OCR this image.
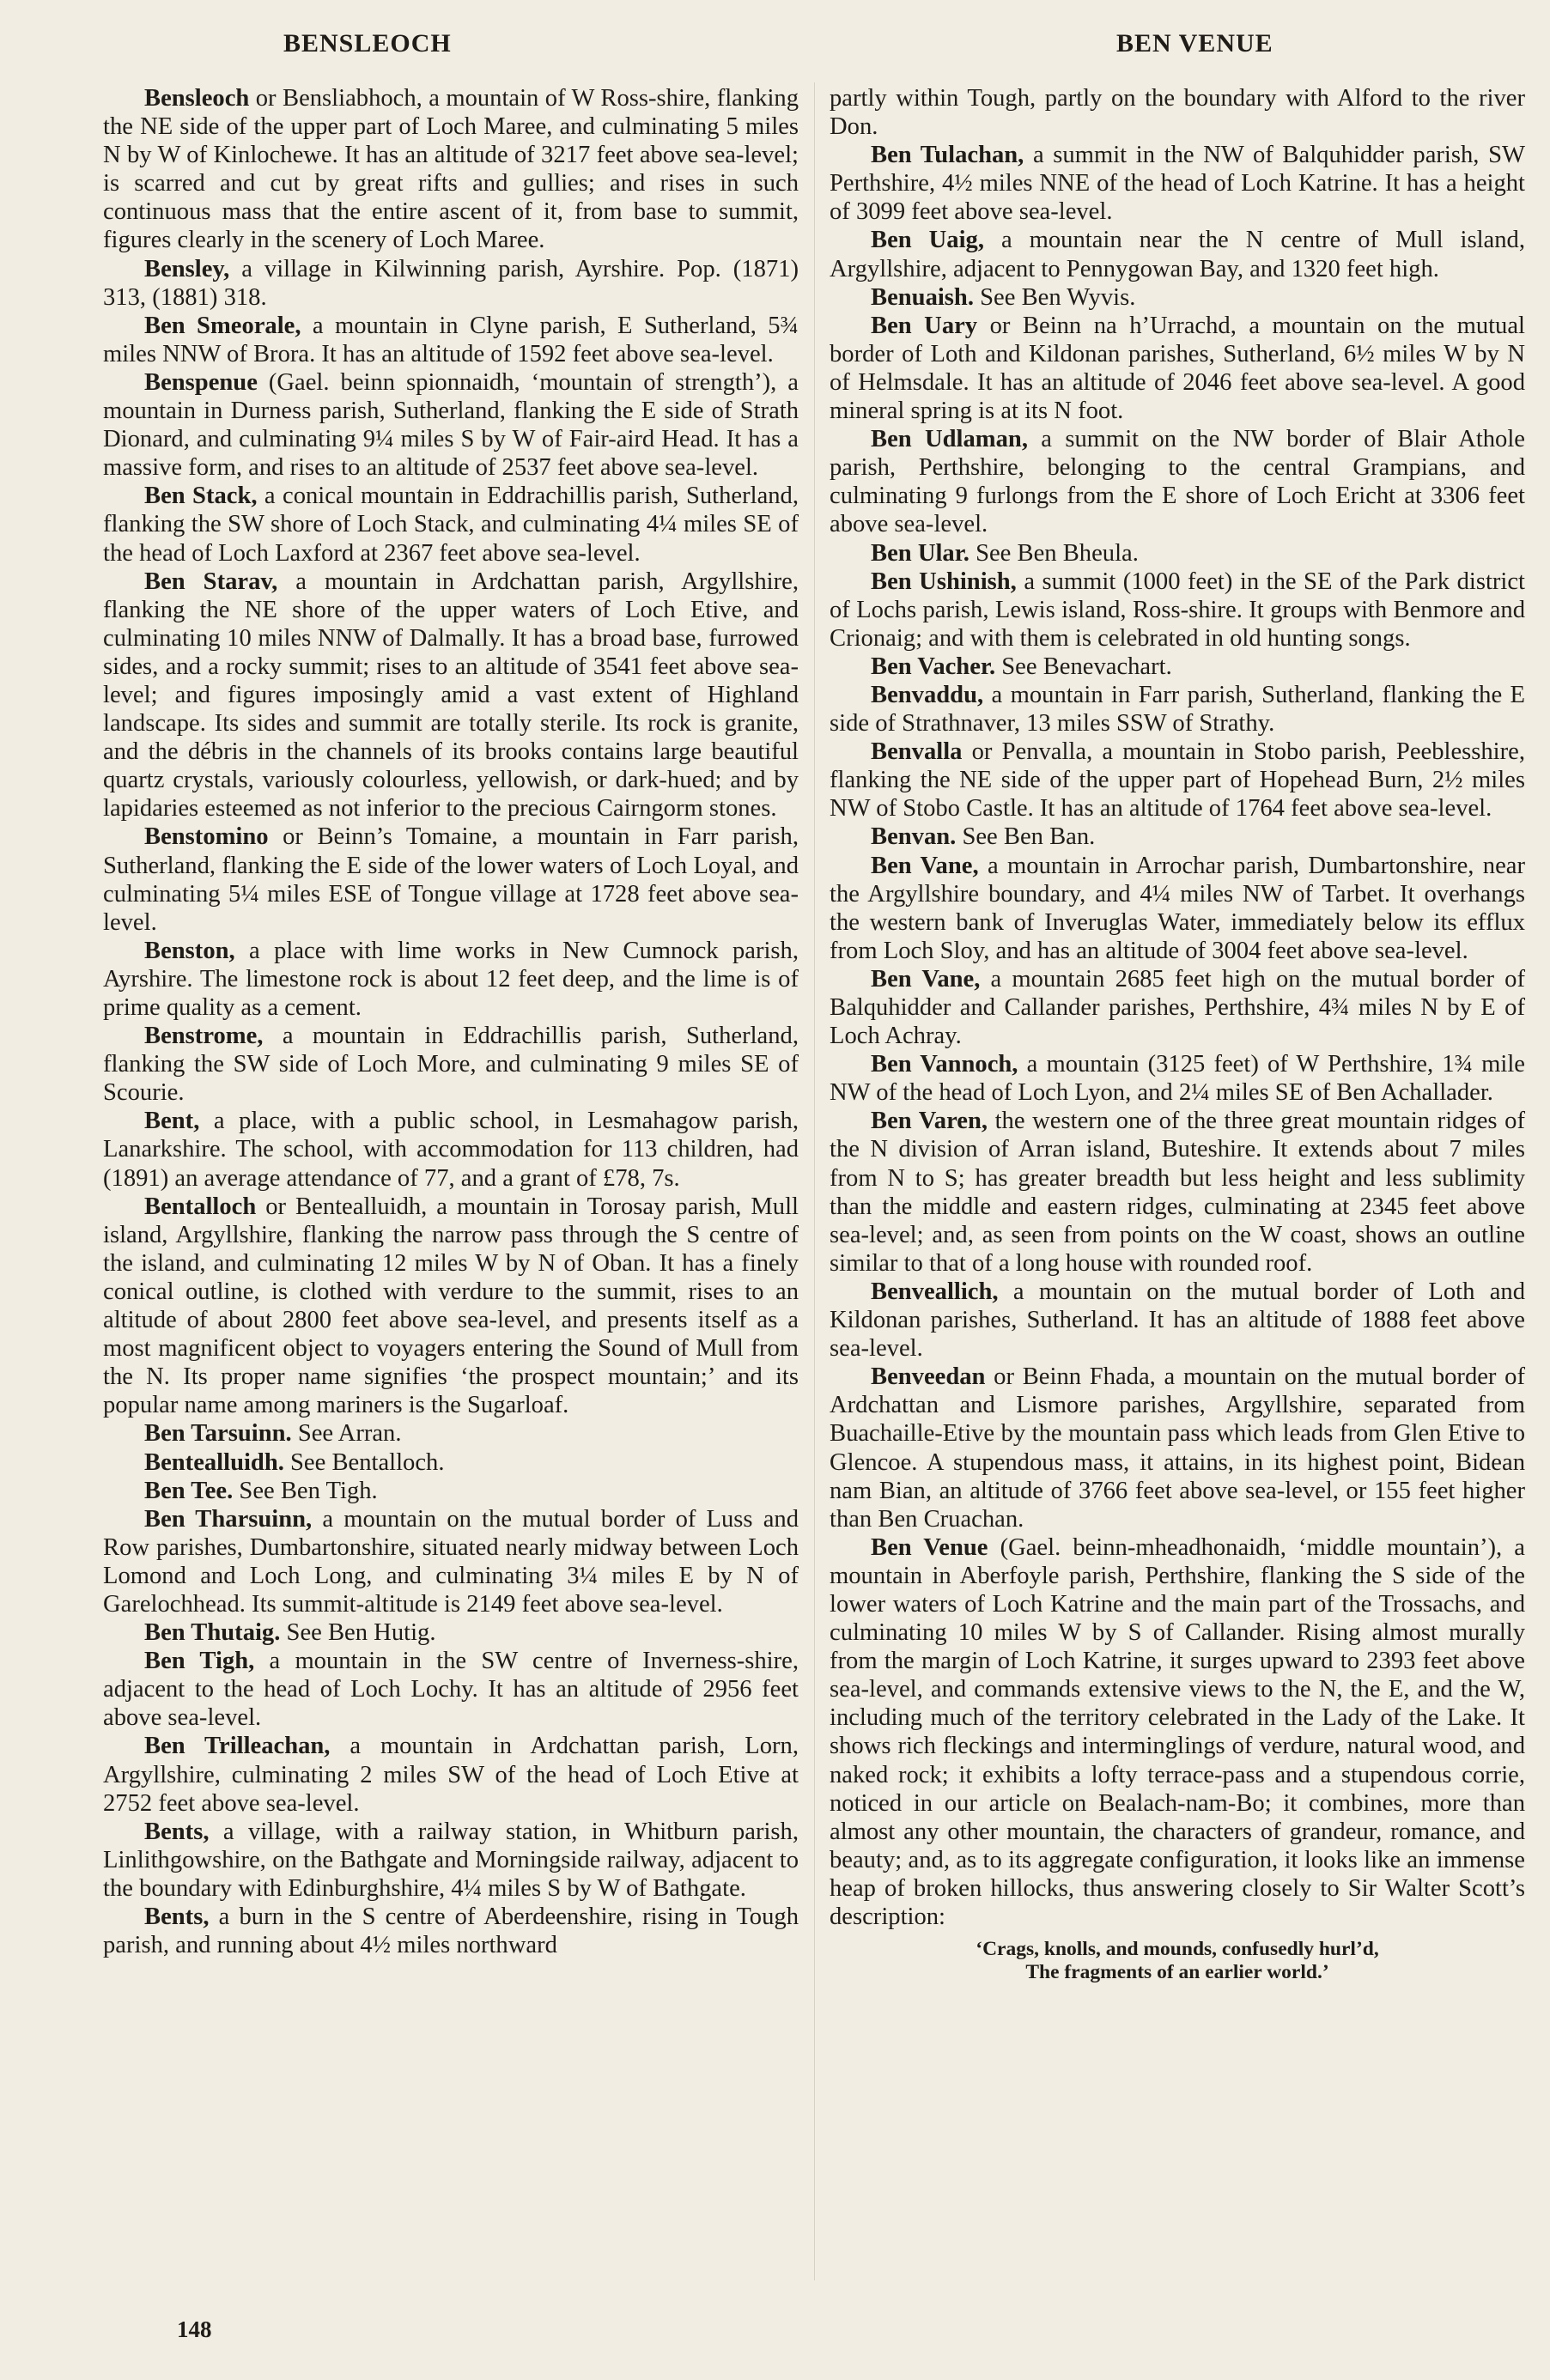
BENSLEOCH	BEN VENUE

Bensleoch or Bensliabhoch, a mountain of W Ross-shire, flanking the NE side of the upper part of Loch Maree, and culminating 5 miles N by W of Kinlochewe. It has an altitude of 3217 feet above sea-level; is scarred and cut by great rifts and gullies; and rises in such continuous mass that the entire ascent of it, from base to summit, figures clearly in the scenery of Loch Maree.

Bensley, a village in Kilwinning parish, Ayrshire. Pop. (1871) 313, (1881) 318.

Ben Smeorale, a mountain in Clyne parish, E Sutherland, 5¾ miles NNW of Brora. It has an altitude of 1592 feet above sea-level.

Benspenue (Gael. beinn spionnaidh, ‘mountain of strength’), a mountain in Durness parish, Sutherland, flanking the E side of Strath Dionard, and culminating 9¼ miles S by W of Fair-aird Head. It has a massive form, and rises to an altitude of 2537 feet above sea-level.

Ben Stack, a conical mountain in Eddrachillis parish, Sutherland, flanking the SW shore of Loch Stack, and culminating 4¼ miles SE of the head of Loch Laxford at 2367 feet above sea-level.

Ben Starav, a mountain in Ardchattan parish, Argyllshire, flanking the NE shore of the upper waters of Loch Etive, and culminating 10 miles NNW of Dalmally. It has a broad base, furrowed sides, and a rocky summit; rises to an altitude of 3541 feet above sea-level; and figures imposingly amid a vast extent of Highland landscape. Its sides and summit are totally sterile. Its rock is granite, and the débris in the channels of its brooks contains large beautiful quartz crystals, variously colourless, yellowish, or dark-hued; and by lapidaries esteemed as not inferior to the precious Cairngorm stones.

Benstomino or Beinn’s Tomaine, a mountain in Farr parish, Sutherland, flanking the E side of the lower waters of Loch Loyal, and culminating 5¼ miles ESE of Tongue village at 1728 feet above sea-level.

Benston, a place with lime works in New Cumnock parish, Ayrshire. The limestone rock is about 12 feet deep, and the lime is of prime quality as a cement.

Benstrome, a mountain in Eddrachillis parish, Sutherland, flanking the SW side of Loch More, and culminating 9 miles SE of Scourie.

Bent, a place, with a public school, in Lesmahagow parish, Lanarkshire. The school, with accommodation for 113 children, had (1891) an average attendance of 77, and a grant of £78, 7s.

Bentalloch or Bentealluidh, a mountain in Torosay parish, Mull island, Argyllshire, flanking the narrow pass through the S centre of the island, and culminating 12 miles W by N of Oban. It has a finely conical outline, is clothed with verdure to the summit, rises to an altitude of about 2800 feet above sea-level, and presents itself as a most magnificent object to voyagers entering the Sound of Mull from the N. Its proper name signifies ‘the prospect mountain;’ and its popular name among mariners is the Sugarloaf.

Ben Tarsuinn. See Arran.

Bentealluidh. See Bentalloch.

Ben Tee. See Ben Tigh.

Ben Tharsuinn, a mountain on the mutual border of Luss and Row parishes, Dumbartonshire, situated nearly midway between Loch Lomond and Loch Long, and culminating 3¼ miles E by N of Garelochhead. Its summit-altitude is 2149 feet above sea-level.

Ben Thutaig. See Ben Hutig.

Ben Tigh, a mountain in the SW centre of Inverness-shire, adjacent to the head of Loch Lochy. It has an altitude of 2956 feet above sea-level.

Ben Trilleachan, a mountain in Ardchattan parish, Lorn, Argyllshire, culminating 2 miles SW of the head of Loch Etive at 2752 feet above sea-level.

Bents, a village, with a railway station, in Whitburn parish, Linlithgowshire, on the Bathgate and Morningside railway, adjacent to the boundary with Edinburghshire, 4¼ miles S by W of Bathgate.

Bents, a burn in the S centre of Aberdeenshire, rising in Tough parish, and running about 4½ miles northward

partly within Tough, partly on the boundary with Alford to the river Don.

Ben Tulachan, a summit in the NW of Balquhidder parish, SW Perthshire, 4½ miles NNE of the head of Loch Katrine. It has a height of 3099 feet above sea-level.

Ben Uaig, a mountain near the N centre of Mull island, Argyllshire, adjacent to Pennygowan Bay, and 1320 feet high.

Benuaish. See Ben Wyvis.

Ben Uary or Beinn na h’Urrachd, a mountain on the mutual border of Loth and Kildonan parishes, Sutherland, 6½ miles W by N of Helmsdale. It has an altitude of 2046 feet above sea-level. A good mineral spring is at its N foot.

Ben Udlaman, a summit on the NW border of Blair Athole parish, Perthshire, belonging to the central Grampians, and culminating 9 furlongs from the E shore of Loch Ericht at 3306 feet above sea-level.

Ben Ular. See Ben Bheula.

Ben Ushinish, a summit (1000 feet) in the SE of the Park district of Lochs parish, Lewis island, Ross-shire. It groups with Benmore and Crionaig; and with them is celebrated in old hunting songs.

Ben Vacher. See Benevachart.

Benvaddu, a mountain in Farr parish, Sutherland, flanking the E side of Strathnaver, 13 miles SSW of Strathy.

Benvalla or Penvalla, a mountain in Stobo parish, Peeblesshire, flanking the NE side of the upper part of Hopehead Burn, 2½ miles NW of Stobo Castle. It has an altitude of 1764 feet above sea-level.

Benvan. See Ben Ban.

Ben Vane, a mountain in Arrochar parish, Dumbartonshire, near the Argyllshire boundary, and 4¼ miles NW of Tarbet. It overhangs the western bank of Inveruglas Water, immediately below its efflux from Loch Sloy, and has an altitude of 3004 feet above sea-level.

Ben Vane, a mountain 2685 feet high on the mutual border of Balquhidder and Callander parishes, Perthshire, 4¾ miles N by E of Loch Achray.

Ben Vannoch, a mountain (3125 feet) of W Perthshire, 1¾ mile NW of the head of Loch Lyon, and 2¼ miles SE of Ben Achallader.

Ben Varen, the western one of the three great mountain ridges of the N division of Arran island, Buteshire. It extends about 7 miles from N to S; has greater breadth but less height and less sublimity than the middle and eastern ridges, culminating at 2345 feet above sea-level; and, as seen from points on the W coast, shows an outline similar to that of a long house with rounded roof.

Benveallich, a mountain on the mutual border of Loth and Kildonan parishes, Sutherland. It has an altitude of 1888 feet above sea-level.

Benveedan or Beinn Fhada, a mountain on the mutual border of Ardchattan and Lismore parishes, Argyllshire, separated from Buachaille-Etive by the mountain pass which leads from Glen Etive to Glencoe. A stupendous mass, it attains, in its highest point, Bidean nam Bian, an altitude of 3766 feet above sea-level, or 155 feet higher than Ben Cruachan.

Ben Venue (Gael. beinn-mheadhonaidh, ‘middle mountain’), a mountain in Aberfoyle parish, Perthshire, flanking the S side of the lower waters of Loch Katrine and the main part of the Trossachs, and culminating 10 miles W by S of Callander. Rising almost murally from the margin of Loch Katrine, it surges upward to 2393 feet above sea-level, and commands extensive views to the N, the E, and the W, including much of the territory celebrated in the Lady of the Lake. It shows rich fleckings and interminglings of verdure, natural wood, and naked rock; it exhibits a lofty terrace-pass and a stupendous corrie, noticed in our article on Bealach-nam-Bo; it combines, more than almost any other mountain, the characters of grandeur, romance, and beauty; and, as to its aggregate configuration, it looks like an immense heap of broken hillocks, thus answering closely to Sir Walter Scott’s description:

‘Crags, knolls, and mounds, confusedly hurl’d,
The fragments of an earlier world.’
148
